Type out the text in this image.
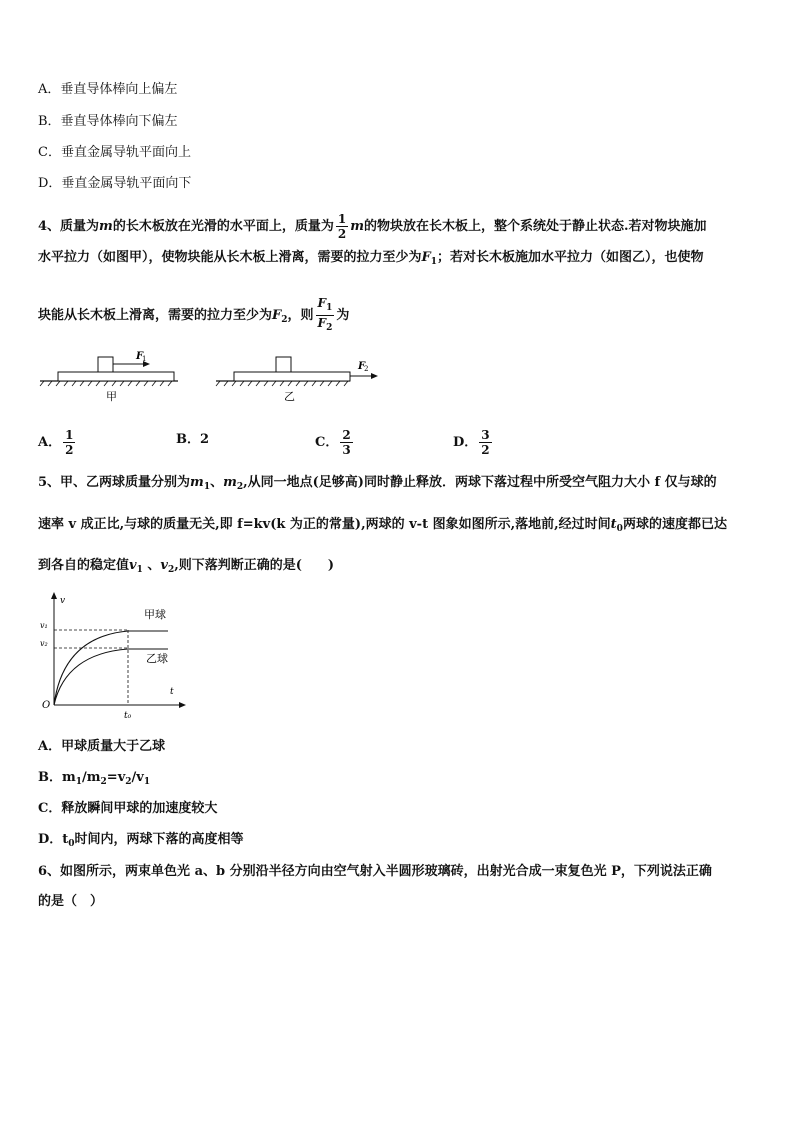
A．垂直导体棒向上偏左
B．垂直导体棒向下偏左
C．垂直金属导轨平面向上
D．垂直金属导轨平面向下
4、质量为m的长木板放在光滑的水平面上，质量为 $\frac{1}{2}$ m的物块放在长木板上，整个系统处于静止状态.若对物块施加
水平拉力（如图甲），使物块能从长木板上滑离，需要的拉力至少为$F_1$；若对长木板施加水平拉力（如图乙），也使物
块能从长木板上滑离，需要的拉力至少为$F_2$，则 $\frac{F_1}{F_2}$ 为
F
1
甲
F
2
乙
A． $\frac{1}{2}$	B．2	C． $\frac{2}{3}$	D． $\frac{3}{2}$
5、甲、乙两球质量分别为$m_1$、$m_2$,从同一地点(足够高)同时静止释放．两球下落过程中所受空气阻力大小 f 仅与球的
速率 v 成正比,与球的质量无关,即 f=kv(k 为正的常量),两球的 v-t 图象如图所示,落地前,经过时间$t_0$两球的速度都已达
到各自的稳定值$v_1$ 、$v_2$,则下落判断正确的是(　　)
v
t
O
v₁
v₂
t₀
甲球
乙球
A．甲球质量大于乙球
B．$m_1/m_2=v_2/v_1$
C．释放瞬间甲球的加速度较大
D．$t_0$时间内，两球下落的高度相等
6、如图所示，两束单色光 a、b 分别沿半径方向由空气射入半圆形玻璃砖，出射光合成一束复色光 P，下列说法正确
的是（　）
